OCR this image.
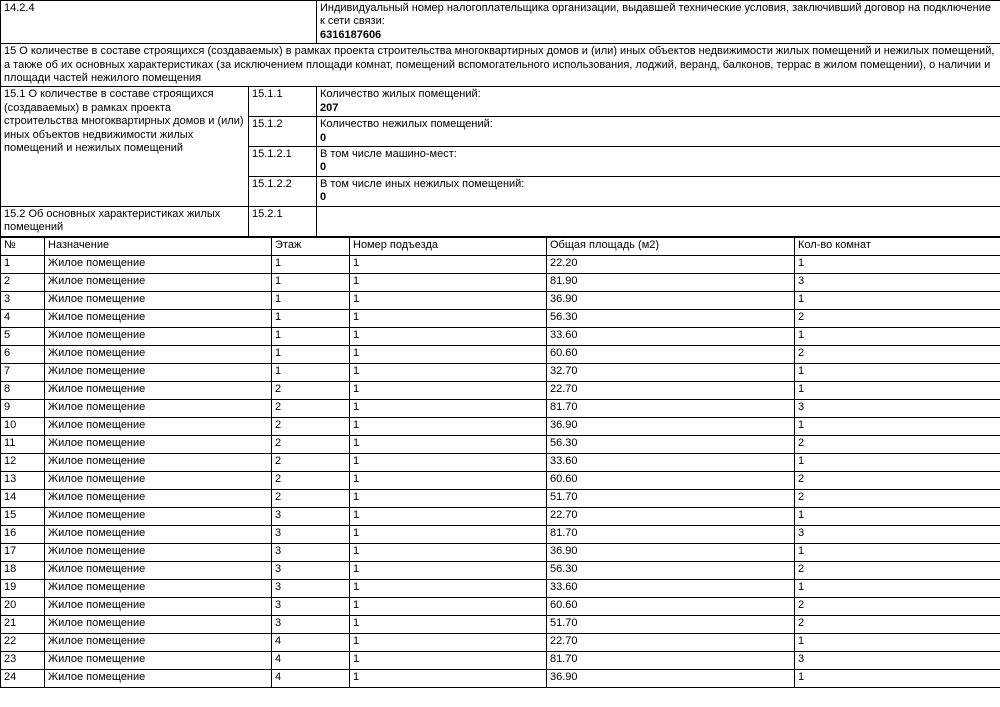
14.2.4		Индивидуальный номер налогоплательщика организации, выдавшей технические условия, заключивший договор на подключение к сети связи:
6316187606

15 О количестве в составе строящихся (создаваемых) в рамках проекта строительства многоквартирных домов и (или) иных объектов недвижимости жилых помещений и нежилых помещений, а также об их основных характеристиках (за исключением площади комнат, помещений вспомогательного использования, лоджий, веранд, балконов, террас в жилом помещении), о наличии и площади частей нежилого помещения		
15.1 О количестве в составе строящихся (создаваемых) в рамках проекта строительства многоквартирных домов и (или) иных объектов недвижимости жилых помещений и нежилых помещений	15.1.1	Количество жилых помещений:
207

	15.1.2	Количество нежилых помещений:
0

	15.1.2.1	В том числе машино-мест:
0

	15.1.2.2	В том числе иных нежилых помещений:
0

15.2 Об основных характеристиках жилых помещений	15.2.1	
№	Назначение	Этаж	Номер подъезда	Общая площадь (м2)	Кол-во комнат
1	Жилое помещение	1	1	22.20	1
2	Жилое помещение	1	1	81.90	3
3	Жилое помещение	1	1	36.90	1
4	Жилое помещение	1	1	56.30	2
5	Жилое помещение	1	1	33.60	1
6	Жилое помещение	1	1	60.60	2
7	Жилое помещение	1	1	32.70	1
8	Жилое помещение	2	1	22.70	1
9	Жилое помещение	2	1	81.70	3
10	Жилое помещение	2	1	36.90	1
11	Жилое помещение	2	1	56.30	2
12	Жилое помещение	2	1	33.60	1
13	Жилое помещение	2	1	60.60	2
14	Жилое помещение	2	1	51.70	2
15	Жилое помещение	3	1	22.70	1
16	Жилое помещение	3	1	81.70	3
17	Жилое помещение	3	1	36.90	1
18	Жилое помещение	3	1	56.30	2
19	Жилое помещение	3	1	33.60	1
20	Жилое помещение	3	1	60.60	2
21	Жилое помещение	3	1	51.70	2
22	Жилое помещение	4	1	22.70	1
23	Жилое помещение	4	1	81.70	3
24	Жилое помещение	4	1	36.90	1
